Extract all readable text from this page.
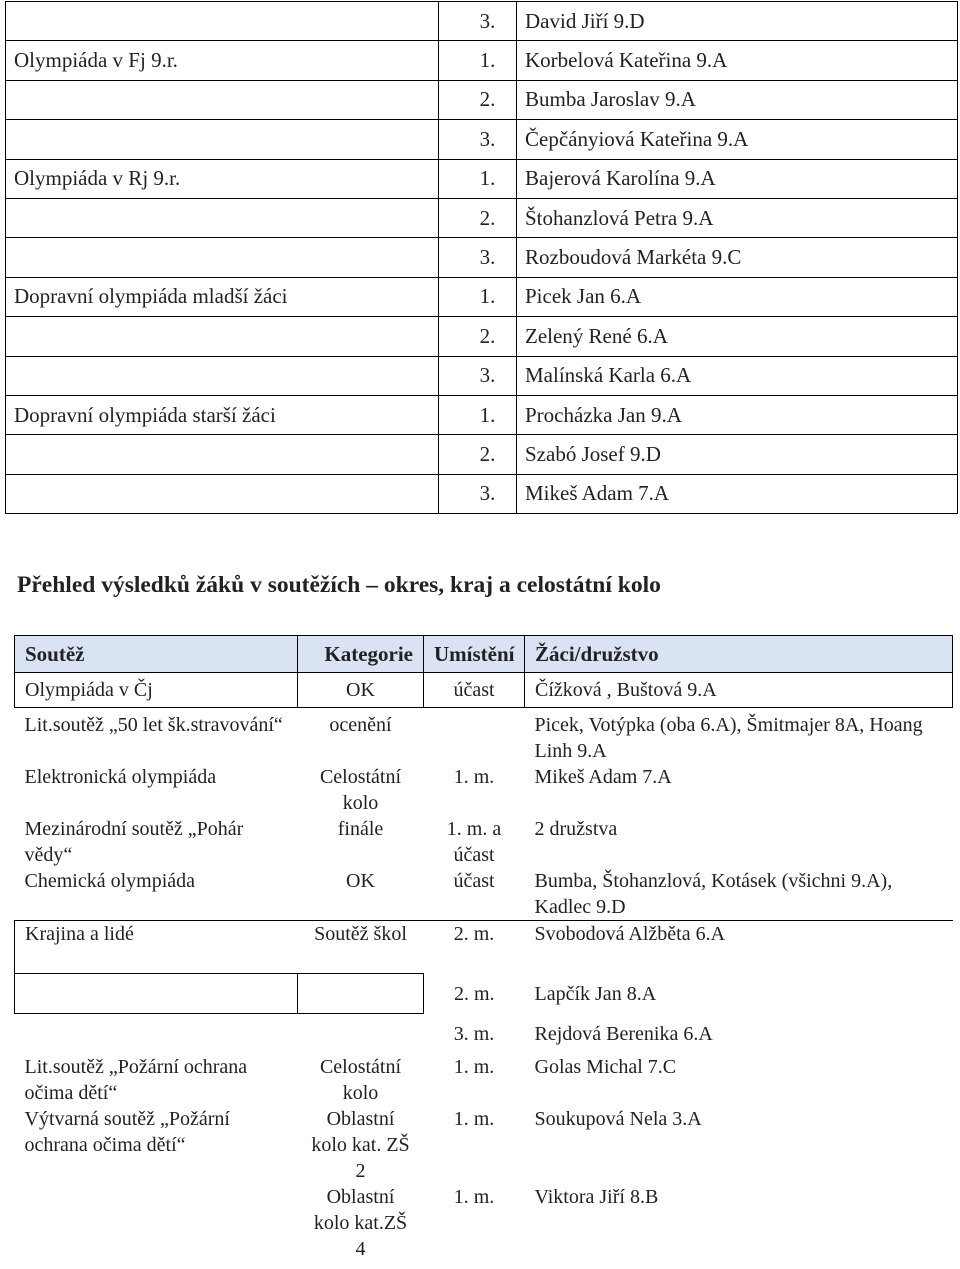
	3.	David Jiří 9.D
Olympiáda v Fj 9.r.	1.	Korbelová Kateřina 9.A
	2.	Bumba Jaroslav 9.A
	3.	Čepčányiová Kateřina 9.A
Olympiáda v Rj 9.r.	1.	Bajerová Karolína 9.A
	2.	Štohanzlová Petra 9.A
	3.	Rozboudová Markéta 9.C
Dopravní olympiáda mladší žáci	1.	Picek Jan 6.A
	2.	Zelený René 6.A
	3.	Malínská Karla 6.A
Dopravní olympiáda starší žáci	1.	Procházka Jan 9.A
	2.	Szabó Josef 9.D
	3.	Mikeš Adam 7.A
Přehled výsledků žáků v soutěžích – okres, kraj a celostátní kolo
Soutěž	Kategorie	Umístění	Žáci/družstvo
Olympiáda v Čj	OK	účast	Čížková , Buštová 9.A

Lit.soutěž „50 let šk.stravování“	ocenění		Picek, Votýpka (oba 6.A), Šmitmajer 8A, Hoang Linh 9.A
Elektronická olympiáda	Celostátní kolo	1. m.	Mikeš Adam 7.A
Mezinárodní soutěž „Pohár vědy“	finále	1. m. a účast	2 družstva
Chemická olympiáda	OK	účast	Bumba, Štohanzlová, Kotásek (všichni 9.A), Kadlec 9.D
Krajina a lidé	Soutěž škol	2. m.	Svobodová Alžběta 6.A
		2. m.	Lapčík Jan 8.A
		3. m.	Rejdová Berenika 6.A
Lit.soutěž „Požární ochrana očima dětí“	Celostátní kolo	1. m.	Golas Michal 7.C
Výtvarná soutěž „Požární ochrana očima dětí“	Oblastní kolo kat. ZŠ 2	1. m.	Soukupová Nela 3.A
	Oblastní kolo kat.ZŠ 4	1. m.	Viktora Jiří 8.B
